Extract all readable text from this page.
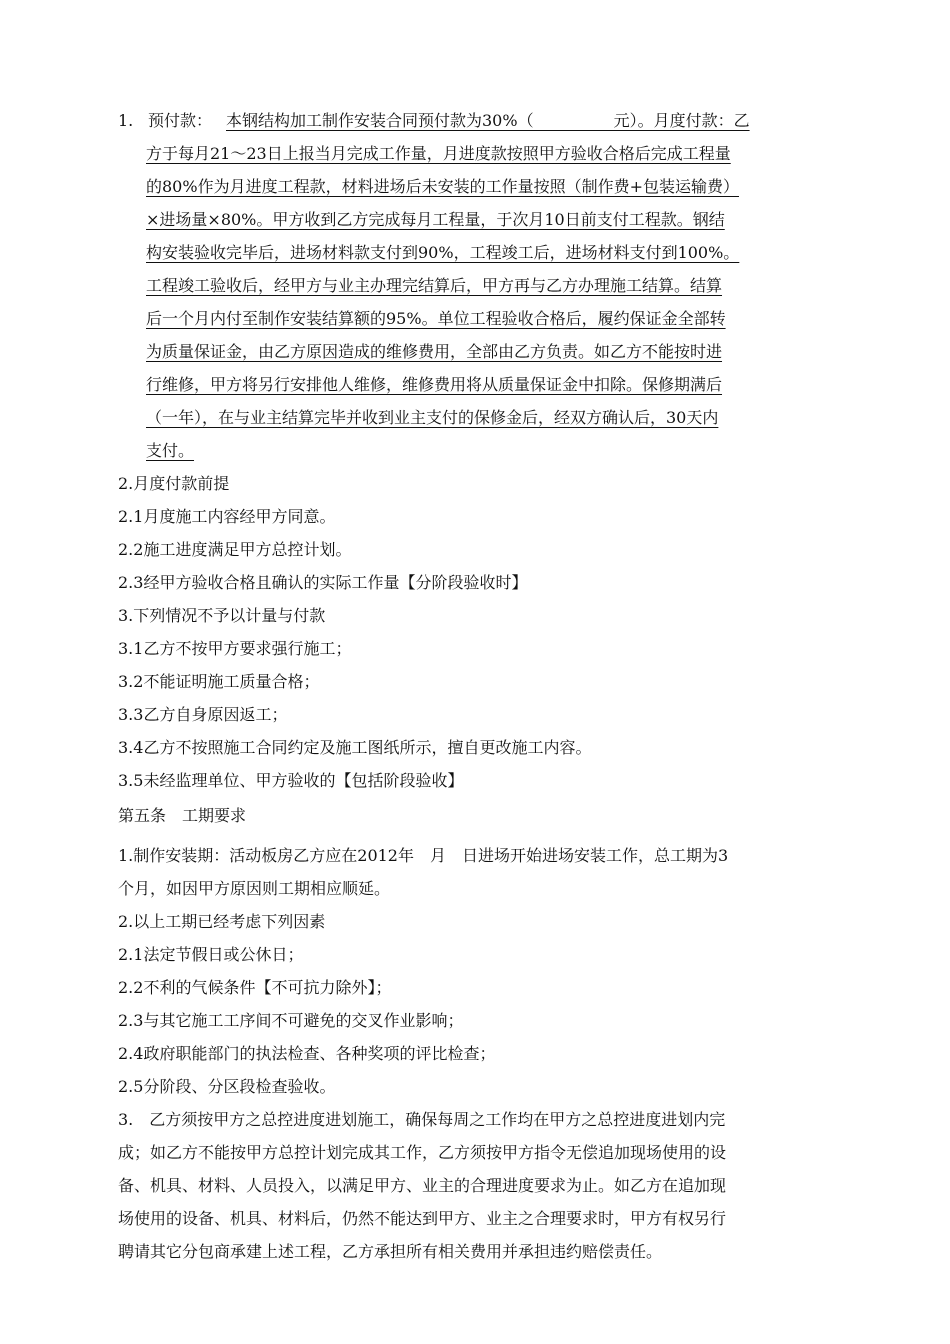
1. 预付款： 本钢结构加工制作安装合同预付款为30%（　　　　　元）。月度付款：乙
方于每月21～23日上报当月完成工作量，月进度款按照甲方验收合格后完成工程量
的80%作为月进度工程款，材料进场后未安装的工作量按照（制作费+包装运输费）
×进场量×80%。甲方收到乙方完成每月工程量，于次月10日前支付工程款。钢结
构安装验收完毕后，进场材料款支付到90%，工程竣工后，进场材料支付到100%。
工程竣工验收后，经甲方与业主办理完结算后，甲方再与乙方办理施工结算。结算
后一个月内付至制作安装结算额的95%。单位工程验收合格后，履约保证金全部转
为质量保证金，由乙方原因造成的维修费用，全部由乙方负责。如乙方不能按时进
行维修，甲方将另行安排他人维修，维修费用将从质量保证金中扣除。保修期满后
（一年），在与业主结算完毕并收到业主支付的保修金后，经双方确认后，30天内
支付。
2.月度付款前提
2.1月度施工内容经甲方同意。
2.2施工进度满足甲方总控计划。
2.3经甲方验收合格且确认的实际工作量【分阶段验收时】
3.下列情况不予以计量与付款
3.1乙方不按甲方要求强行施工；
3.2不能证明施工质量合格；
3.3乙方自身原因返工；
3.4乙方不按照施工合同约定及施工图纸所示，擅自更改施工内容。
3.5未经监理单位、甲方验收的【包括阶段验收】
第五条　工期要求
1.制作安装期：活动板房乙方应在2012年　月　日进场开始进场安装工作，总工期为3
个月，如因甲方原因则工期相应顺延。
2.以上工期已经考虑下列因素
2.1法定节假日或公休日；
2.2不利的气候条件【不可抗力除外】；
2.3与其它施工工序间不可避免的交叉作业影响；
2.4政府职能部门的执法检查、各种奖项的评比检查；
2.5分阶段、分区段检查验收。
3.　乙方须按甲方之总控进度进划施工，确保每周之工作均在甲方之总控进度进划内完
成；如乙方不能按甲方总控计划完成其工作，乙方须按甲方指令无偿追加现场使用的设
备、机具、材料、人员投入，以满足甲方、业主的合理进度要求为止。如乙方在追加现
场使用的设备、机具、材料后，仍然不能达到甲方、业主之合理要求时，甲方有权另行
聘请其它分包商承建上述工程，乙方承担所有相关费用并承担违约赔偿责任。
